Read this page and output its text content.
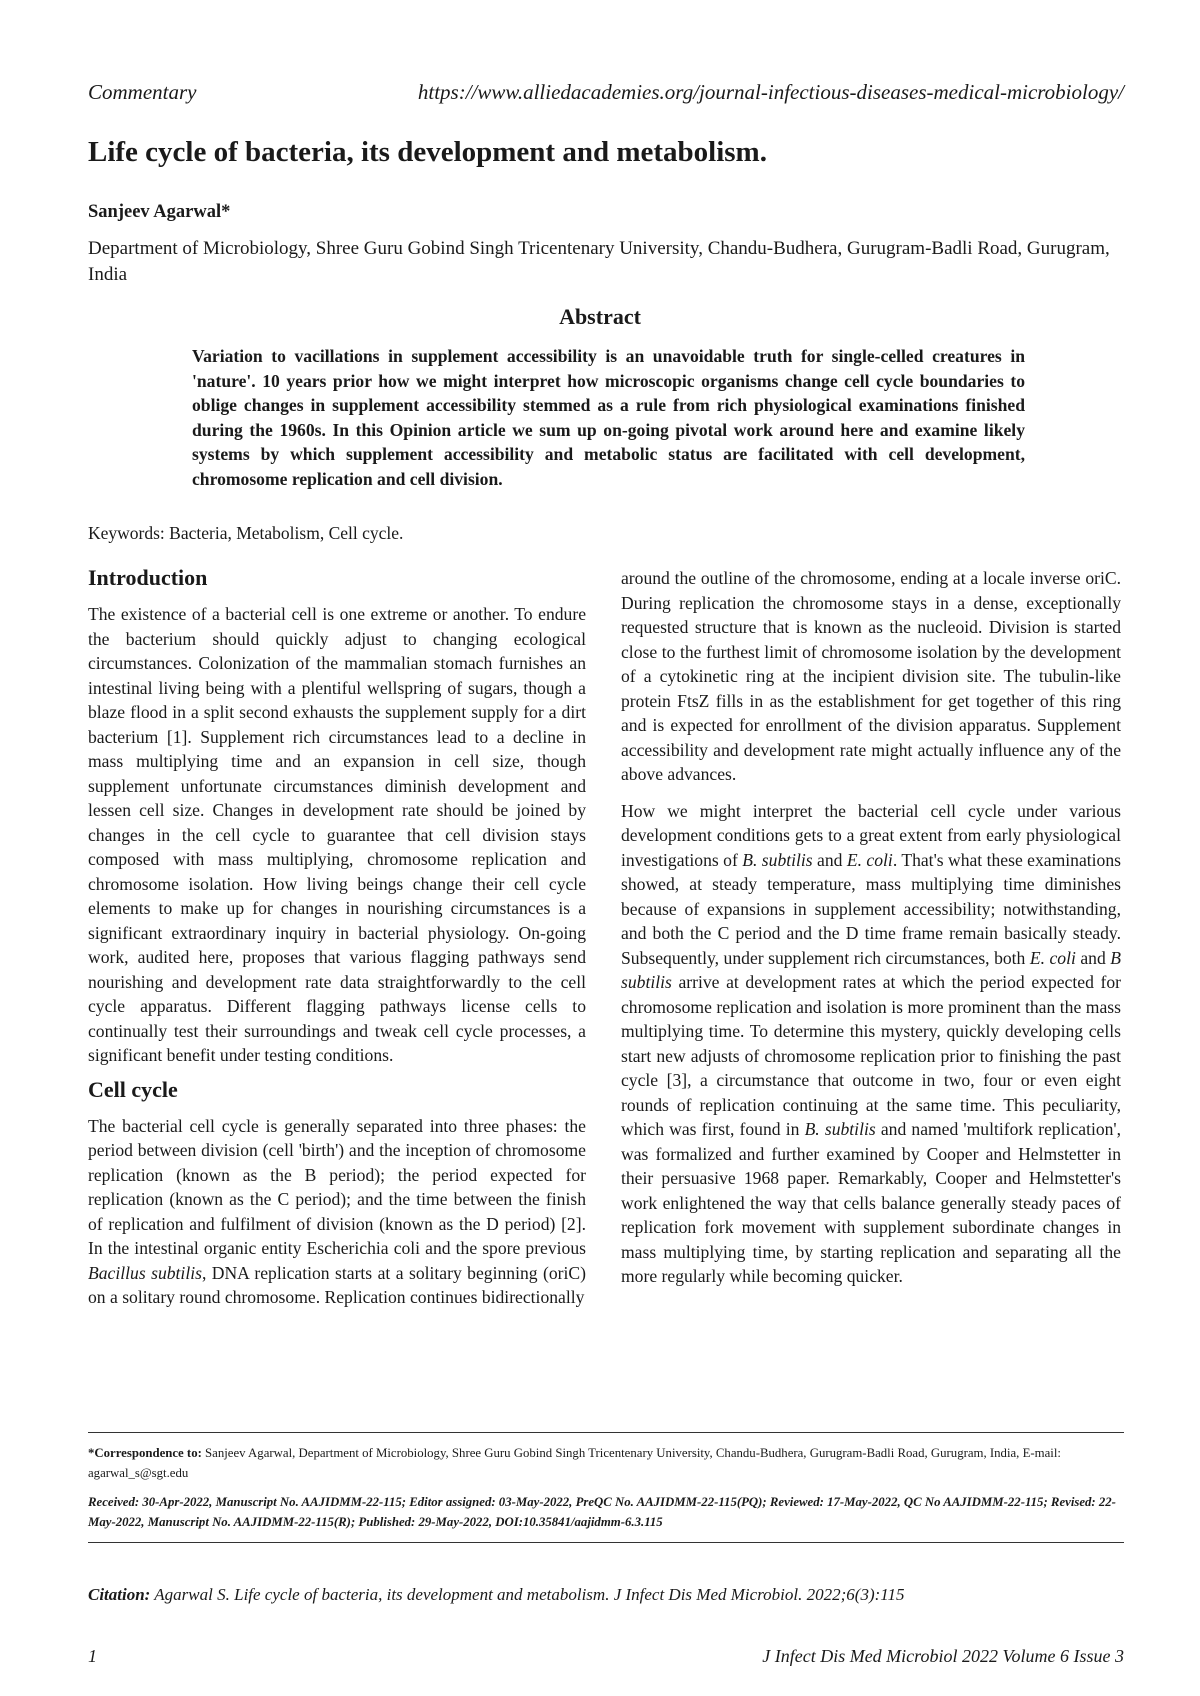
Commentary	https://www.alliedacademies.org/journal-infectious-diseases-medical-microbiology/
Life cycle of bacteria, its development and metabolism.

Sanjeev Agarwal*

Department of Microbiology, Shree Guru Gobind Singh Tricentenary University, Chandu-Budhera, Gurugram-Badli Road, Gurugram, India

Abstract

Variation to vacillations in supplement accessibility is an unavoidable truth for single-celled creatures in 'nature'. 10 years prior how we might interpret how microscopic organisms change cell cycle boundaries to oblige changes in supplement accessibility stemmed as a rule from rich physiological examinations finished during the 1960s. In this Opinion article we sum up on-going pivotal work around here and examine likely systems by which supplement accessibility and metabolic status are facilitated with cell development, chromosome replication and cell division.

Keywords: Bacteria, Metabolism, Cell cycle.

Introduction

The existence of a bacterial cell is one extreme or another. To endure the bacterium should quickly adjust to changing ecological circumstances. Colonization of the mammalian stomach furnishes an intestinal living being with a plentiful wellspring of sugars, though a blaze flood in a split second exhausts the supplement supply for a dirt bacterium [1]. Supplement rich circumstances lead to a decline in mass multiplying time and an expansion in cell size, though supplement unfortunate circumstances diminish development and lessen cell size. Changes in development rate should be joined by changes in the cell cycle to guarantee that cell division stays composed with mass multiplying, chromosome replication and chromosome isolation. How living beings change their cell cycle elements to make up for changes in nourishing circumstances is a significant extraordinary inquiry in bacterial physiology. On-going work, audited here, proposes that various flagging pathways send nourishing and development rate data straightforwardly to the cell cycle apparatus. Different flagging pathways license cells to continually test their surroundings and tweak cell cycle processes, a significant benefit under testing conditions.

Cell cycle

The bacterial cell cycle is generally separated into three phases: the period between division (cell 'birth') and the inception of chromosome replication (known as the B period); the period expected for replication (known as the C period); and the time between the finish of replication and fulfilment of division (known as the D period) [2]. In the intestinal organic entity Escherichia coli and the spore previous Bacillus subtilis, DNA replication starts at a solitary beginning (oriC) on a solitary round chromosome. Replication continues bidirectionally

around the outline of the chromosome, ending at a locale inverse oriC. During replication the chromosome stays in a dense, exceptionally requested structure that is known as the nucleoid. Division is started close to the furthest limit of chromosome isolation by the development of a cytokinetic ring at the incipient division site. The tubulin-like protein FtsZ fills in as the establishment for get together of this ring and is expected for enrollment of the division apparatus. Supplement accessibility and development rate might actually influence any of the above advances.

How we might interpret the bacterial cell cycle under various development conditions gets to a great extent from early physiological investigations of B. subtilis and E. coli. That's what these examinations showed, at steady temperature, mass multiplying time diminishes because of expansions in supplement accessibility; notwithstanding, and both the C period and the D time frame remain basically steady. Subsequently, under supplement rich circumstances, both E. coli and B subtilis arrive at development rates at which the period expected for chromosome replication and isolation is more prominent than the mass multiplying time. To determine this mystery, quickly developing cells start new adjusts of chromosome replication prior to finishing the past cycle [3], a circumstance that outcome in two, four or even eight rounds of replication continuing at the same time. This peculiarity, which was first, found in B. subtilis and named 'multifork replication', was formalized and further examined by Cooper and Helmstetter in their persuasive 1968 paper. Remarkably, Cooper and Helmstetter's work enlightened the way that cells balance generally steady paces of replication fork movement with supplement subordinate changes in mass multiplying time, by starting replication and separating all the more regularly while becoming quicker.

*Correspondence to: Sanjeev Agarwal, Department of Microbiology, Shree Guru Gobind Singh Tricentenary University, Chandu-Budhera, Gurugram-Badli Road, Gurugram, India, E-mail: agarwal_s@sgt.edu
Received: 30-Apr-2022, Manuscript No. AAJIDMM-22-115; Editor assigned: 03-May-2022, PreQC No. AAJIDMM-22-115(PQ); Reviewed: 17-May-2022, QC No AAJIDMM-22-115; Revised: 22-May-2022, Manuscript No. AAJIDMM-22-115(R); Published: 29-May-2022, DOI:10.35841/aajidmm-6.3.115
Citation: Agarwal S. Life cycle of bacteria, its development and metabolism. J Infect Dis Med Microbiol. 2022;6(3):115
1	J Infect Dis Med Microbiol 2022 Volume 6 Issue 3
